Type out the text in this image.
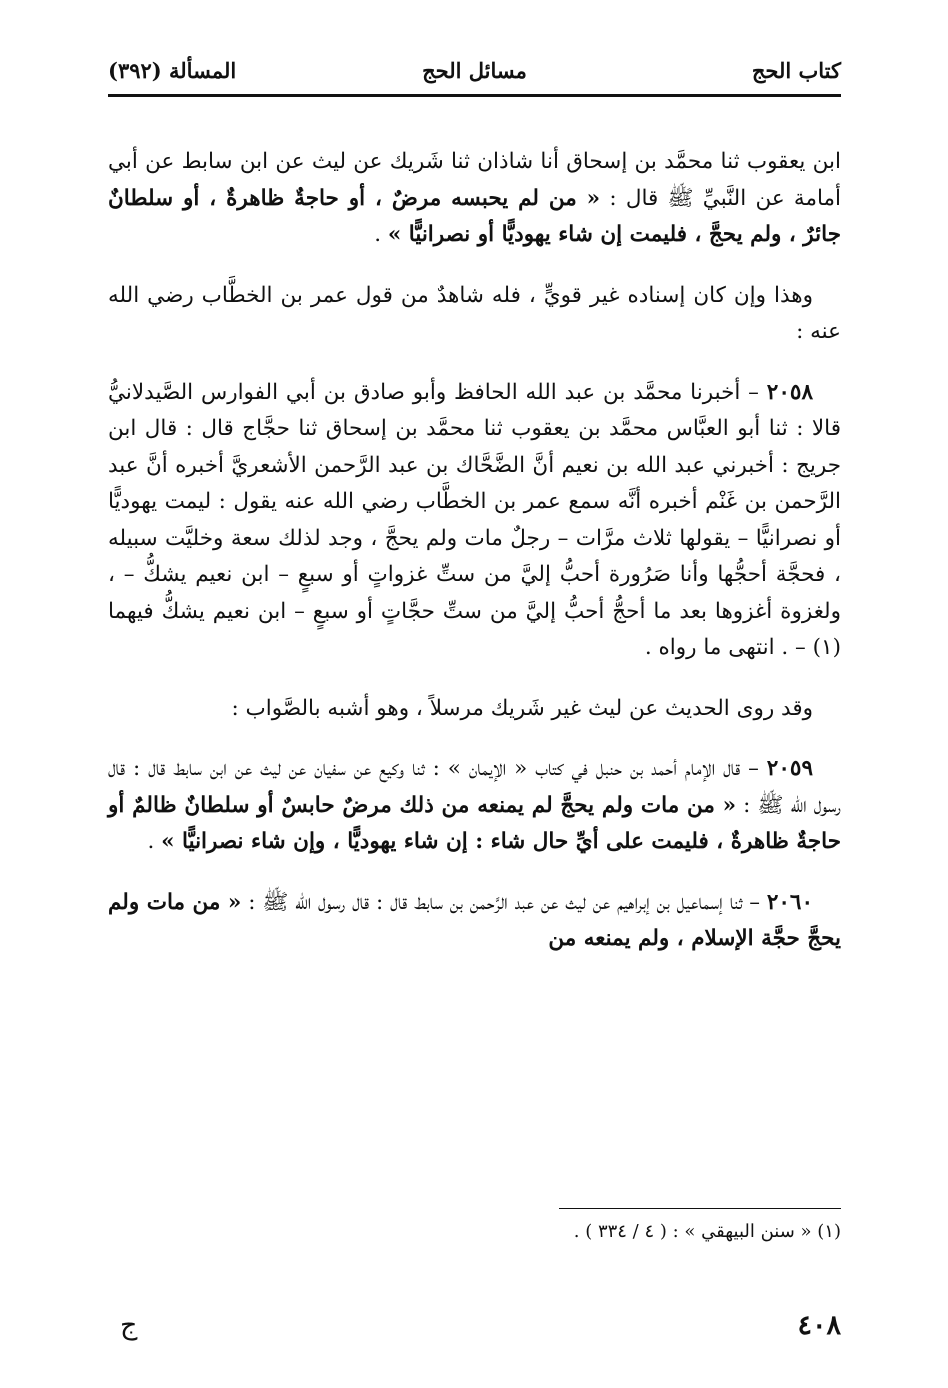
كتاب الحج
مسائل الحج
المسألة (٣٩٢)

ابن يعقوب ثنا محمَّد بن إسحاق أنا شاذان ثنا شَريك عن ليث عن ابن سابط عن أبي أمامة عن النَّبيِّ ﷺ قال : « من لم يحبسه مرضٌ ، أو حاجةٌ ظاهرةٌ ، أو سلطانٌ جائرٌ ، ولم يحجَّ ، فليمت إن شاء يهوديًّا أو نصرانيًّا » .

وهذا وإن كان إسناده غير قويٍّ ، فله شاهدٌ من قول عمر بن الخطَّاب رضي الله عنه :

٢٠٥٨ – أخبرنا محمَّد بن عبد الله الحافظ وأبو صادق بن أبي الفوارس الصَّيدلانيُّ قالا : ثنا أبو العبَّاس محمَّد بن يعقوب ثنا محمَّد بن إسحاق ثنا حجَّاج قال : قال ابن جريج : أخبرني عبد الله بن نعيم أنَّ الضَّحَّاك بن عبد الرَّحمن الأشعريَّ أخبره أنَّ عبد الرَّحمن بن غَنْم أخبره أنَّه سمع عمر بن الخطَّاب رضي الله عنه يقول : ليمت يهوديًّا أو نصرانيًّا – يقولها ثلاث مرَّات – رجلٌ مات ولم يحجَّ ، وجد لذلك سعة وخليَّت سبيله ، فحجَّة أحجُّها وأنا صَرُورة أحبُّ إليَّ من ستِّ غزواتٍ أو سبعٍ – ابن نعيم يشكُّ – ، ولغزوة أغزوها بعد ما أحجُّ أحبُّ إليَّ من ستِّ حجَّاتٍ أو سبعٍ – ابن نعيم يشكُّ فيهما (١) – . انتهى ما رواه .

وقد روى الحديث عن ليث غير شَريك مرسلاً ، وهو أشبه بالصَّواب :

٢٠٥٩ – قال الإمام أحمد بن حنبل في كتاب « الإيمان » : ثنا وكيع عن سفيان عن ليث عن ابن سابط قال : قال رسول الله ﷺ : « من مات ولم يحجَّ لم يمنعه من ذلك مرضٌ حابسٌ أو سلطانٌ ظالمٌ أو حاجةٌ ظاهرةٌ ، فليمت على أيِّ حال شاء : إن شاء يهوديًّا ، وإن شاء نصرانيًّا » .

٢٠٦٠ – ثنا إسماعيل بن إبراهيم عن ليث عن عبد الرَّحمن بن سابط قال : قال رسول الله ﷺ : « من مات ولم يحجَّ حجَّة الإسلام ، ولم يمنعه من

(١) « سنن البيهقي » : ( ٤ / ٣٣٤ ) .
٤٠٨
ج
